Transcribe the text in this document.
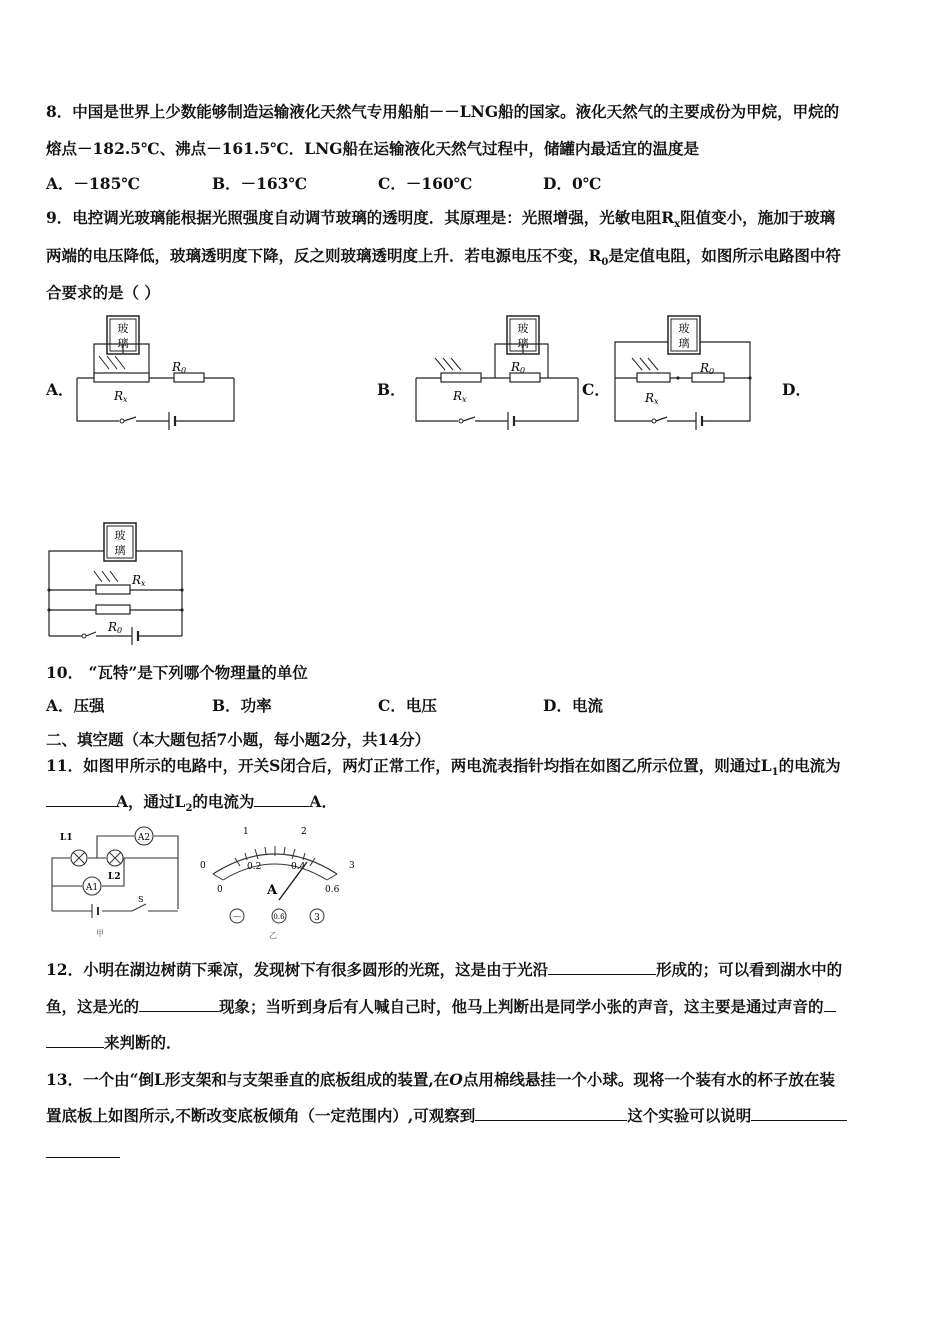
8．中国是世界上少数能够制造运输液化天然气专用船舶－－LNG船的国家。液化天然气的主要成份为甲烷，甲烷的
熔点－182.5℃、沸点－161.5℃．LNG船在运输液化天然气过程中，储罐内最适宜的温度是
A．－185℃	B．－163℃	C．－160℃	D．0℃
9．电控调光玻璃能根据光照强度自动调节玻璃的透明度．其原理是：光照增强，光敏电阻$R_x$阻值变小，施加于玻璃
两端的电压降低，玻璃透明度下降，反之则玻璃透明度上升．若电源电压不变，$R_0$是定值电阻，如图所示电路图中符
合要求的是（ ）
A．	B．	C．	D．
玻
璃
R0
Rx
玻
璃
R0
Rx
玻
璃
R0
Rx
玻
璃
Rx
R0
10． “瓦特”是下列哪个物理量的单位
A．压强	B．功率	C．电压	D．电流
二、填空题（本大题包括7小题，每小题2分，共14分）
11．如图甲所示的电路中，开关S闭合后，两灯正常工作，两电流表指针均指在如图乙所示位置，则通过$L_1$的电流为
A，通过$L_2$的电流为	A．
A2
A1
L1
L2
S
甲
0
1	2
3
0
0.2	0.4
0.6
A
－	0.6	3
乙
12．小明在湖边树荫下乘凉，发现树下有很多圆形的光斑，这是由于光沿	形成的；可以看到湖水中的
鱼，这是光的	现象；当听到身后有人喊自己时，他马上判断出是同学小张的声音，这主要是通过声音的
来判断的．
13．一个由“倒L形支架和与支架垂直的底板组成的装置,在O点用棉线悬挂一个小球。现将一个装有水的杯子放在装
置底板上如图所示,不断改变底板倾角（一定范围内）,可观察到	这个实验可以说明
